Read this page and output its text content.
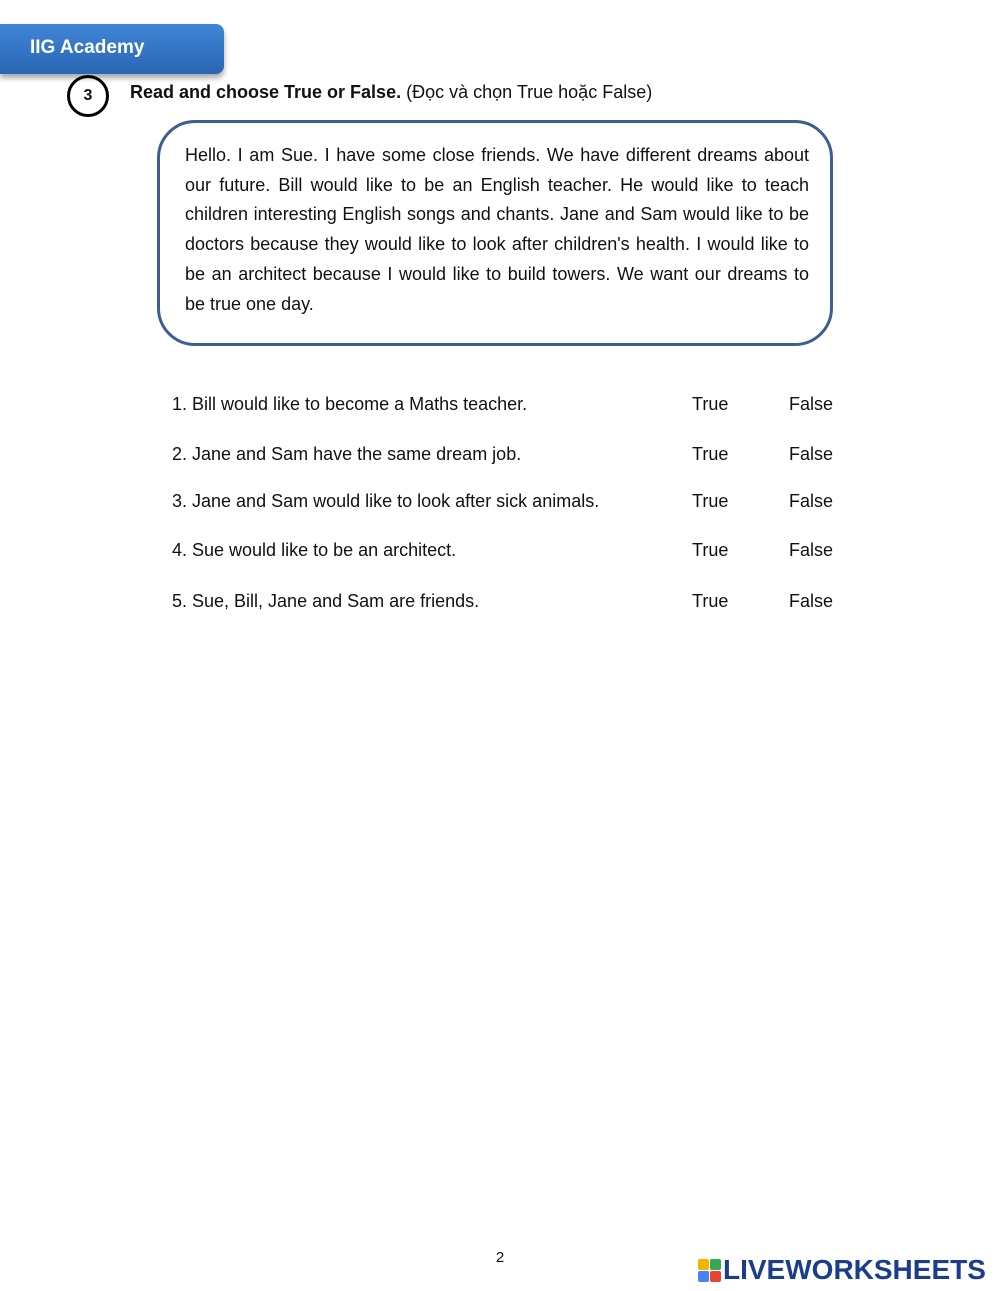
IIG Academy
3	Read and choose True or False. (Đọc và chọn True hoặc False)
Hello. I am Sue. I have some close friends. We have different dreams about our future. Bill would like to be an English teacher. He would like to teach children interesting English songs and chants. Jane and Sam would like to be doctors because they would like to look after children's health. I would like to be an architect because I would like to build towers. We want our dreams to be true one day.
1. Bill would like to become a Maths teacher.	True	False
2. Jane and Sam have the same dream job.	True	False
3. Jane and Sam would like to look after sick animals.	True	False
4. Sue would like to be an architect.	True	False
5. Sue, Bill, Jane and Sam are friends.	True	False
2	LIVEWORKSHEETS
